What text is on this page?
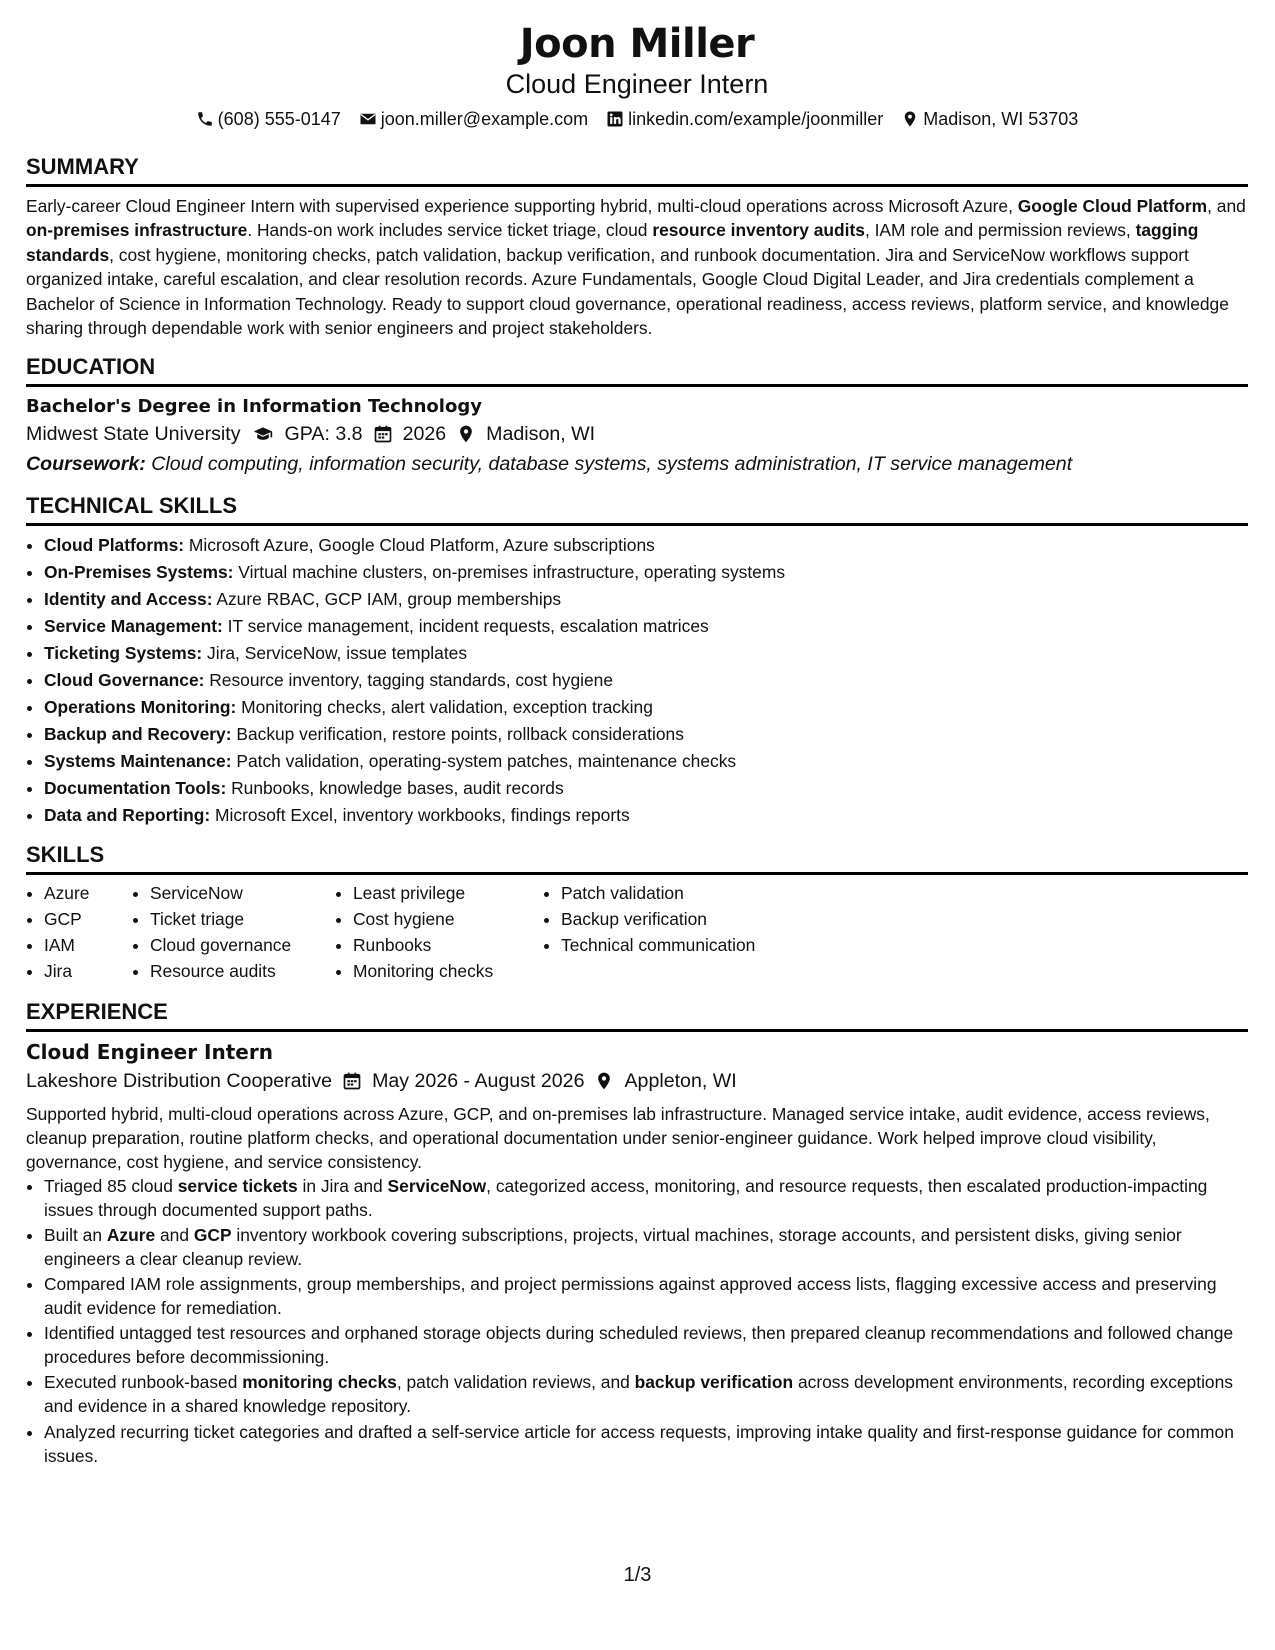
Joon Miller
Cloud Engineer Intern
(608) 555-0147 joon.miller@example.com linkedin.com/example/joonmiller Madison, WI 53703
SUMMARY
Early-career Cloud Engineer Intern with supervised experience supporting hybrid, multi-cloud operations across Microsoft Azure, Google Cloud Platform, and on-premises infrastructure. Hands-on work includes service ticket triage, cloud resource inventory audits, IAM role and permission reviews, tagging standards, cost hygiene, monitoring checks, patch validation, backup verification, and runbook documentation. Jira and ServiceNow workflows support organized intake, careful escalation, and clear resolution records. Azure Fundamentals, Google Cloud Digital Leader, and Jira credentials complement a Bachelor of Science in Information Technology. Ready to support cloud governance, operational readiness, access reviews, platform service, and knowledge sharing through dependable work with senior engineers and project stakeholders.
EDUCATION
Bachelor's Degree in Information Technology
Midwest State University GPA: 3.8 2026 Madison, WI
Coursework: Cloud computing, information security, database systems, systems administration, IT service management
TECHNICAL SKILLS
• Cloud Platforms: Microsoft Azure, Google Cloud Platform, Azure subscriptions
• On-Premises Systems: Virtual machine clusters, on-premises infrastructure, operating systems
• Identity and Access: Azure RBAC, GCP IAM, group memberships
• Service Management: IT service management, incident requests, escalation matrices
• Ticketing Systems: Jira, ServiceNow, issue templates
• Cloud Governance: Resource inventory, tagging standards, cost hygiene
• Operations Monitoring: Monitoring checks, alert validation, exception tracking
• Backup and Recovery: Backup verification, restore points, rollback considerations
• Systems Maintenance: Patch validation, operating-system patches, maintenance checks
• Documentation Tools: Runbooks, knowledge bases, audit records
• Data and Reporting: Microsoft Excel, inventory workbooks, findings reports
SKILLS
• Azure
• GCP
• IAM
• Jira
• ServiceNow
• Ticket triage
• Cloud governance
• Resource audits
• Least privilege
• Cost hygiene
• Runbooks
• Monitoring checks
• Patch validation
• Backup verification
• Technical communication
EXPERIENCE
Cloud Engineer Intern
Lakeshore Distribution Cooperative May 2026 - August 2026 Appleton, WI
Supported hybrid, multi-cloud operations across Azure, GCP, and on-premises lab infrastructure. Managed service intake, audit evidence, access reviews, cleanup preparation, routine platform checks, and operational documentation under senior-engineer guidance. Work helped improve cloud visibility, governance, cost hygiene, and service consistency.
• Triaged 85 cloud service tickets in Jira and ServiceNow, categorized access, monitoring, and resource requests, then escalated production-impacting issues through documented support paths.
• Built an Azure and GCP inventory workbook covering subscriptions, projects, virtual machines, storage accounts, and persistent disks, giving senior engineers a clear cleanup review.
• Compared IAM role assignments, group memberships, and project permissions against approved access lists, flagging excessive access and preserving audit evidence for remediation.
• Identified untagged test resources and orphaned storage objects during scheduled reviews, then prepared cleanup recommendations and followed change procedures before decommissioning.
• Executed runbook-based monitoring checks, patch validation reviews, and backup verification across development environments, recording exceptions and evidence in a shared knowledge repository.
• Analyzed recurring ticket categories and drafted a self-service article for access requests, improving intake quality and first-response guidance for common issues.
1/3
